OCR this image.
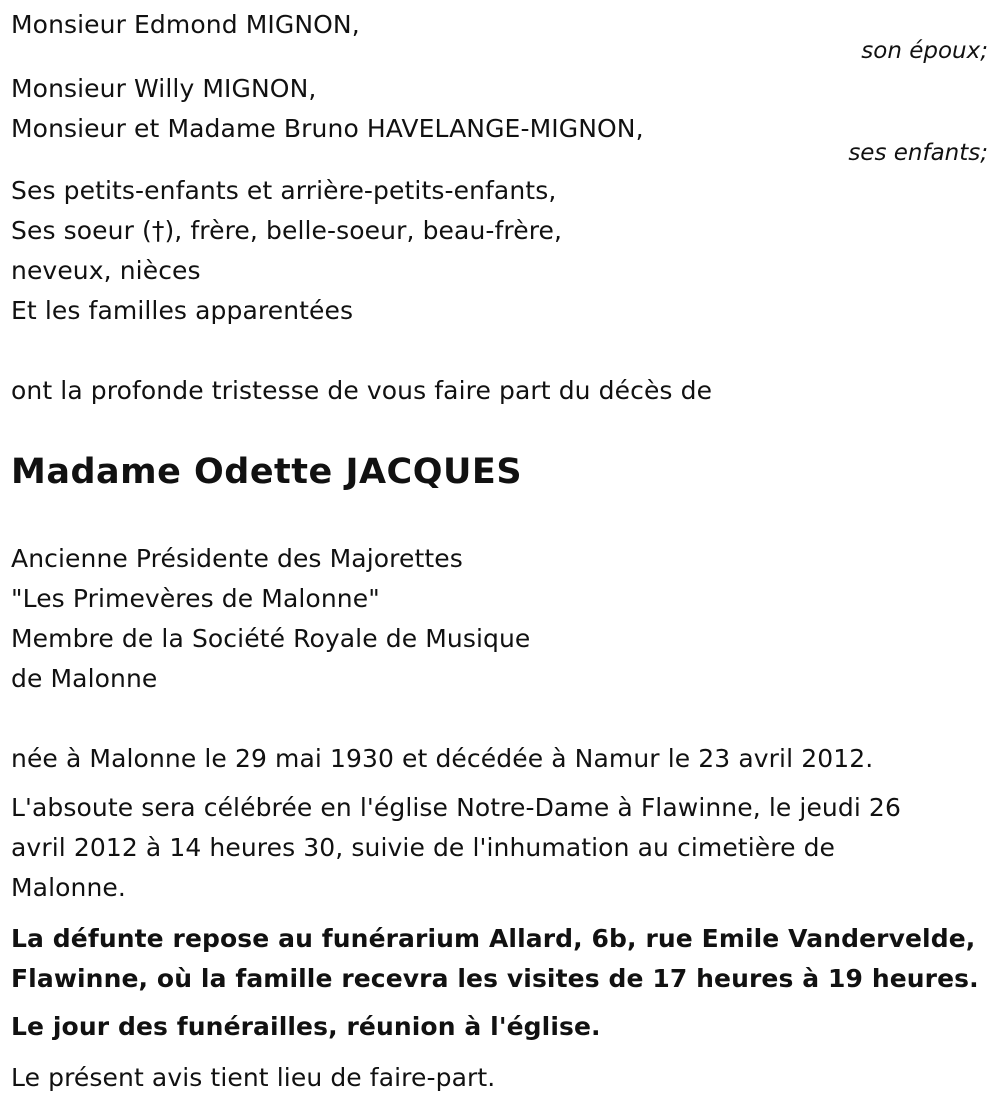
Monsieur Edmond MIGNON,
son époux;
Monsieur Willy MIGNON,
Monsieur et Madame Bruno HAVELANGE-MIGNON,
ses enfants;
Ses petits-enfants et arrière-petits-enfants,
Ses soeur (†), frère, belle-soeur, beau-frère,
neveux, nièces
Et les familles apparentées
ont la profonde tristesse de vous faire part du décès de
Madame Odette JACQUES
Ancienne Présidente des Majorettes
"Les Primevères de Malonne"
Membre de la Société Royale de Musique
de Malonne
née à Malonne le 29 mai 1930 et décédée à Namur le 23 avril 2012.
L'absoute sera célébrée en l'église Notre-Dame à Flawinne, le jeudi 26
avril 2012 à 14 heures 30, suivie de l'inhumation au cimetière de
Malonne.
La défunte repose au funérarium Allard, 6b, rue Emile Vandervelde,
Flawinne, où la famille recevra les visites de 17 heures à 19 heures.
Le jour des funérailles, réunion à l'église.
Le présent avis tient lieu de faire-part.
